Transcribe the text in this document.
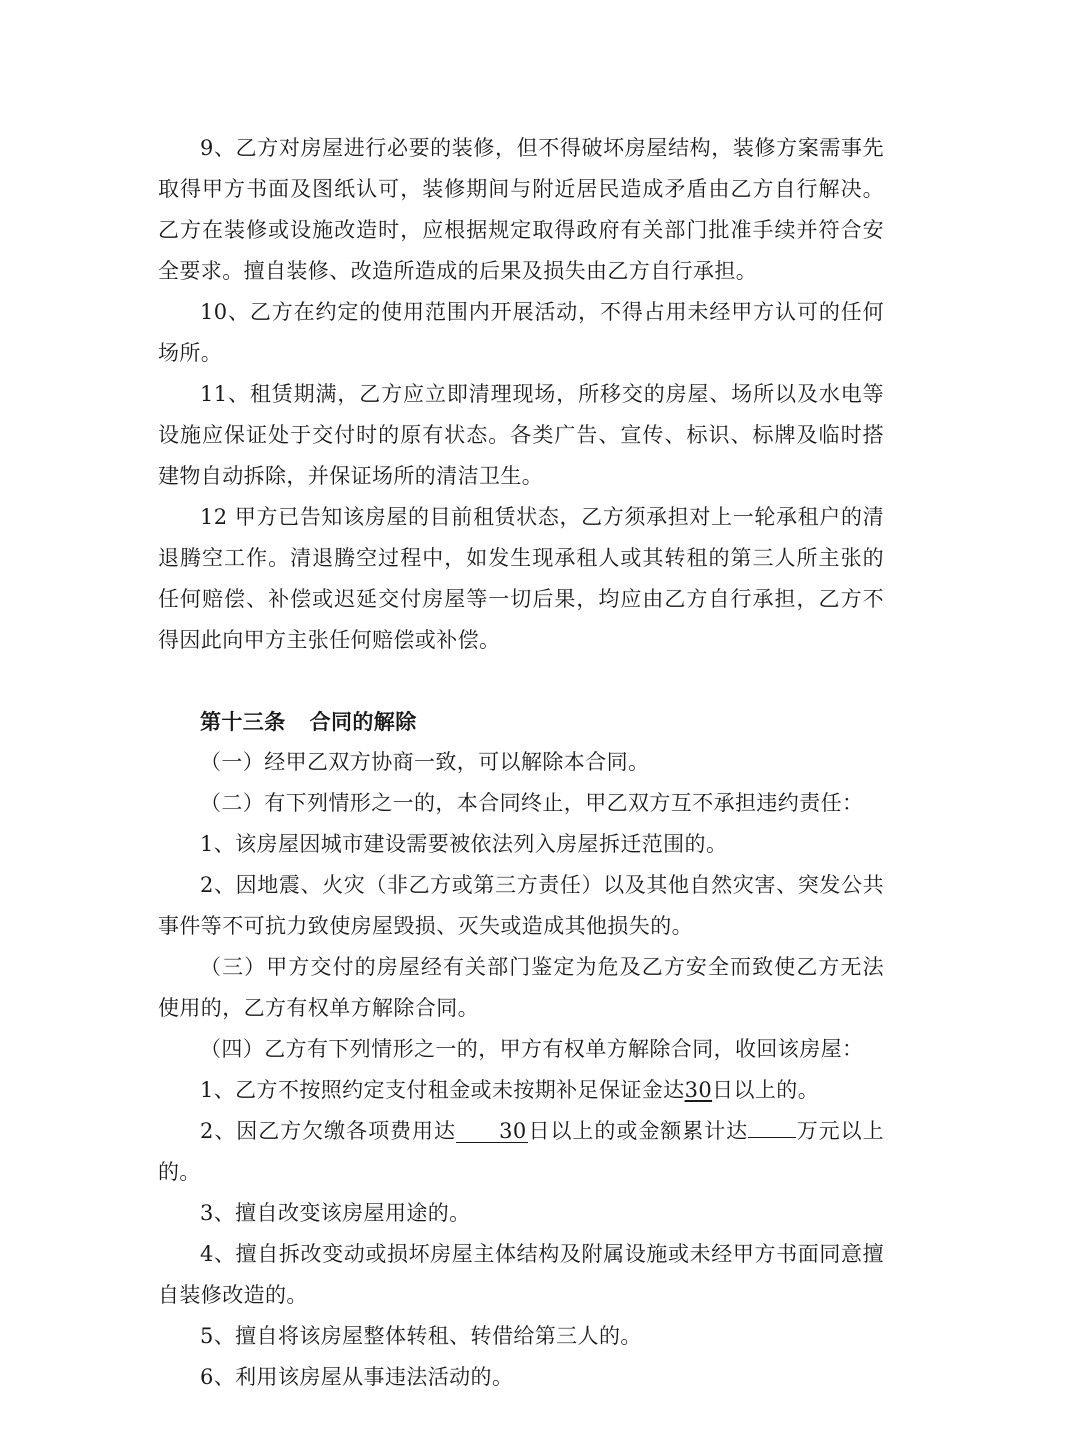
9、乙方对房屋进行必要的装修，但不得破坏房屋结构，装修方案需事先取得甲方书面及图纸认可，装修期间与附近居民造成矛盾由乙方自行解决。乙方在装修或设施改造时，应根据规定取得政府有关部门批准手续并符合安全要求。擅自装修、改造所造成的后果及损失由乙方自行承担。

10、乙方在约定的使用范围内开展活动，不得占用未经甲方认可的任何场所。

11、租赁期满，乙方应立即清理现场，所移交的房屋、场所以及水电等设施应保证处于交付时的原有状态。各类广告、宣传、标识、标牌及临时搭建物自动拆除，并保证场所的清洁卫生。

12 甲方已告知该房屋的目前租赁状态，乙方须承担对上一轮承租户的清退腾空工作。清退腾空过程中，如发生现承租人或其转租的第三人所主张的任何赔偿、补偿或迟延交付房屋等一切后果，均应由乙方自行承担，乙方不得因此向甲方主张任何赔偿或补偿。

第十三条 合同的解除

（一）经甲乙双方协商一致，可以解除本合同。

（二）有下列情形之一的，本合同终止，甲乙双方互不承担违约责任：

1、该房屋因城市建设需要被依法列入房屋拆迁范围的。

2、因地震、火灾（非乙方或第三方责任）以及其他自然灾害、突发公共事件等不可抗力致使房屋毁损、灭失或造成其他损失的。

（三）甲方交付的房屋经有关部门鉴定为危及乙方安全而致使乙方无法使用的，乙方有权单方解除合同。

（四）乙方有下列情形之一的，甲方有权单方解除合同，收回该房屋：

1、乙方不按照约定支付租金或未按期补足保证金达30日以上的。

2、因乙方欠缴各项费用达 30日以上的或金额累计达 万元以上的。

3、擅自改变该房屋用途的。

4、擅自拆改变动或损坏房屋主体结构及附属设施或未经甲方书面同意擅自装修改造的。

5、擅自将该房屋整体转租、转借给第三人的。

6、利用该房屋从事违法活动的。
